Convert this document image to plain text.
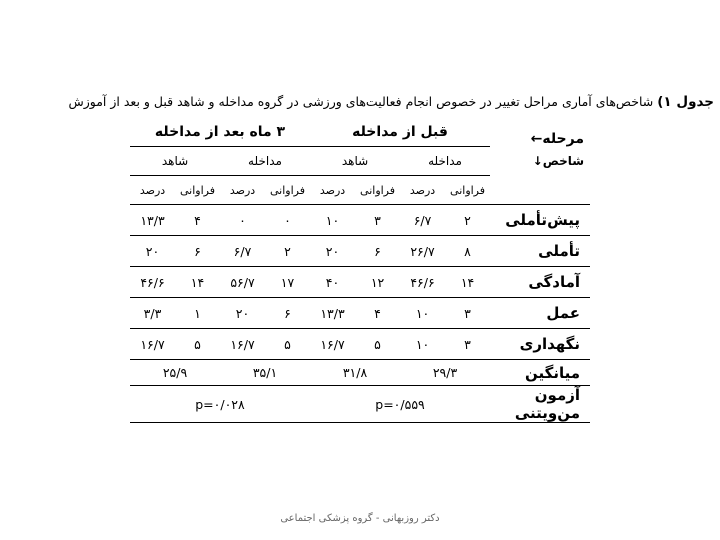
جدول ۱) شاخص‌های آماری مراحل تغییر در خصوص انجام فعالیت‌های ورزشی در گروه مداخله و شاهد قبل و بعد از آموزش
مرحله←	قبل از مداخله				۳ ماه بعد از مداخله			
شاخص↓	مداخله		شاهد		مداخله		شاهد	
	فراوانی	درصد	فراوانی	درصد	فراوانی	درصد	فراوانی	درصد
پیش‌تأملی	۲	۶/۷	۳	۱۰	۰	۰	۴	۱۳/۳
تأملی	۸	۲۶/۷	۶	۲۰	۲	۶/۷	۶	۲۰
آمادگی	۱۴	۴۶/۶	۱۲	۴۰	۱۷	۵۶/۷	۱۴	۴۶/۶
عمل	۳	۱۰	۴	۱۳/۳	۶	۲۰	۱	۳/۳
نگهداری	۳	۱۰	۵	۱۶/۷	۵	۱۶/۷	۵	۱۶/۷
میانگین	۲۹/۳		۳۱/۸		۳۵/۱		۲۵/۹	
آزمون من‌ویتنی	p=۰/۵۵۹				p=۰/۰۲۸			
دکتر روزبهانی - گروه پزشکی اجتماعی
